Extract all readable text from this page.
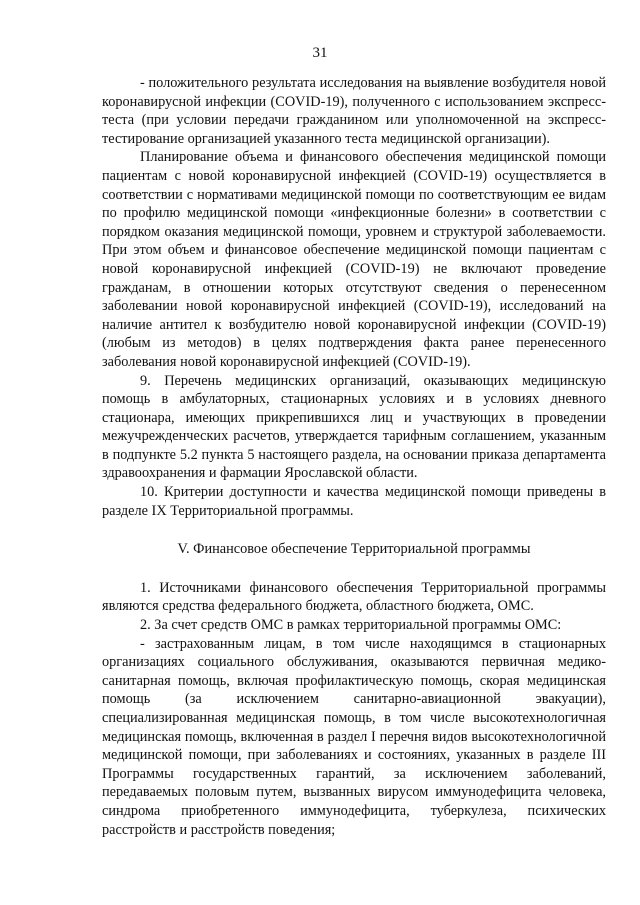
31

- положительного результата исследования на выявление возбудителя новой коронавирусной инфекции (COVID-19), полученного с использованием экспресс-теста (при условии передачи гражданином или уполномоченной на экспресс-тестирование организацией указанного теста медицинской организации).

Планирование объема и финансового обеспечения медицинской помощи пациентам с новой коронавирусной инфекцией (COVID-19) осуществляется в соответствии с нормативами медицинской помощи по соответствующим ее видам по профилю медицинской помощи «инфекционные болезни» в соответствии с порядком оказания медицинской помощи, уровнем и структурой заболеваемости. При этом объем и финансовое обеспечение медицинской помощи пациентам с новой коронавирусной инфекцией (COVID-19) не включают проведение гражданам, в отношении которых отсутствуют сведения о перенесенном заболевании новой коронавирусной инфекцией (COVID-19), исследований на наличие антител к возбудителю новой коронавирусной инфекции (COVID-19) (любым из методов) в целях подтверждения факта ранее перенесенного заболевания новой коронавирусной инфекцией (COVID-19).

9. Перечень медицинских организаций, оказывающих медицинскую помощь в амбулаторных, стационарных условиях и в условиях дневного стационара, имеющих прикрепившихся лиц и участвующих в проведении межучрежденческих расчетов, утверждается тарифным соглашением, указанным в подпункте 5.2 пункта 5 настоящего раздела, на основании приказа департамента здравоохранения и фармации Ярославской области.

10. Критерии доступности и качества медицинской помощи приведены в разделе IX Территориальной программы.

V. Финансовое обеспечение Территориальной программы

1. Источниками финансового обеспечения Территориальной программы являются средства федерального бюджета, областного бюджета, ОМС.

2. За счет средств ОМС в рамках территориальной программы ОМС:

- застрахованным лицам, в том числе находящимся в стационарных организациях социального обслуживания, оказываются первичная медико-санитарная помощь, включая профилактическую помощь, скорая медицинская помощь (за исключением санитарно-авиационной эвакуации), специализированная медицинская помощь, в том числе высокотехнологичная медицинская помощь, включенная в раздел I перечня видов высокотехнологичной медицинской помощи, при заболеваниях и состояниях, указанных в разделе III Программы государственных гарантий, за исключением заболеваний, передаваемых половым путем, вызванных вирусом иммунодефицита человека, синдрома приобретенного иммунодефицита, туберкулеза, психических расстройств и расстройств поведения;
